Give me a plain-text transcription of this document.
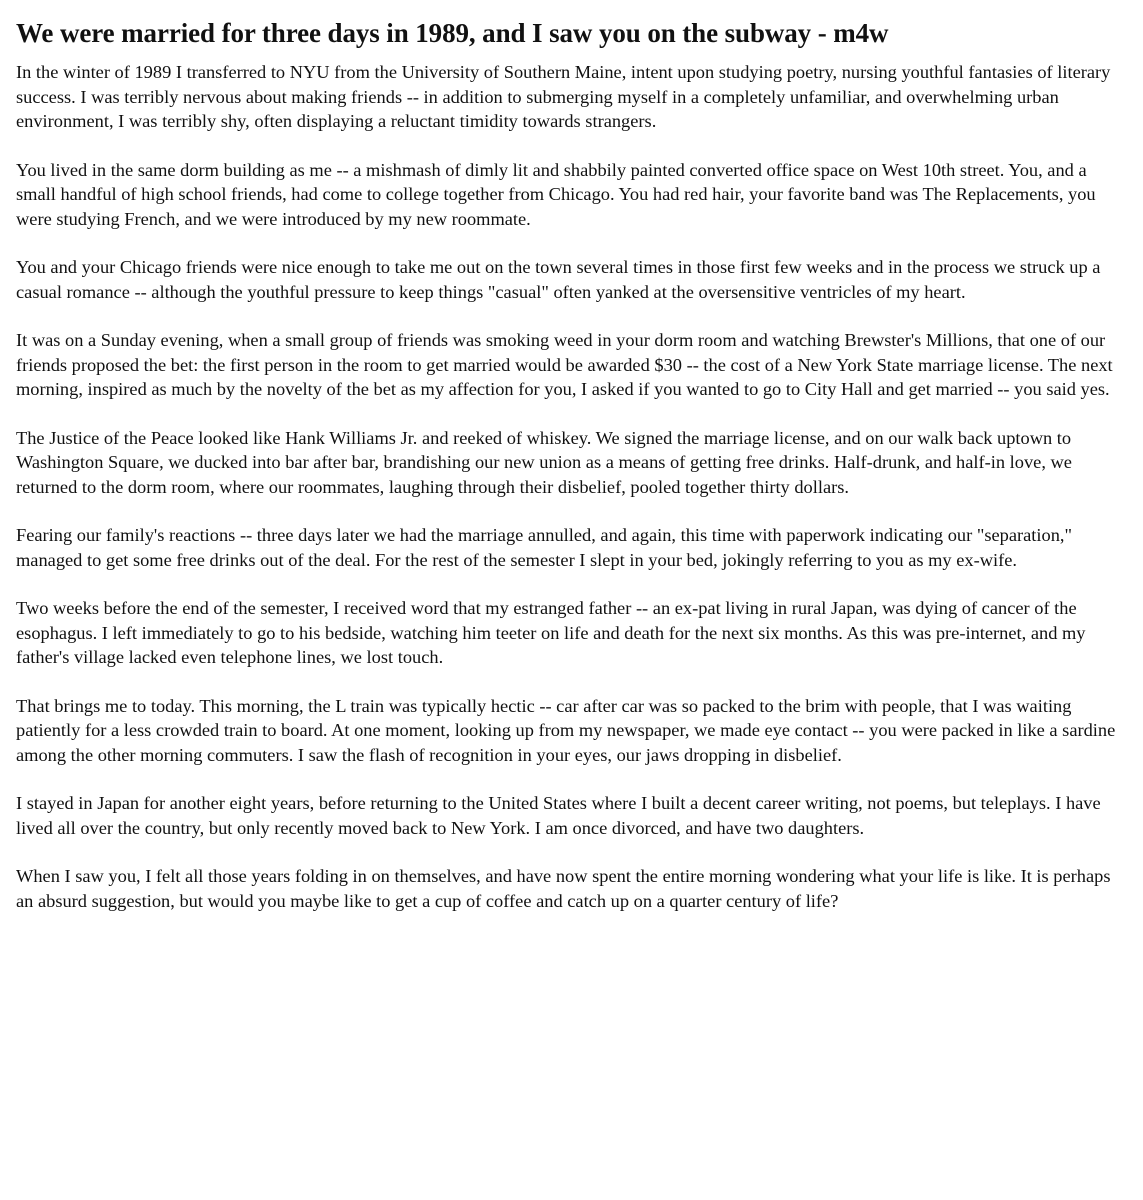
We were married for three days in 1989, and I saw you on the subway - m4w

In the winter of 1989 I transferred to NYU from the University of Southern Maine, intent upon studying poetry, nursing youthful fantasies of literary success. I was terribly nervous about making friends -- in addition to submerging myself in a completely unfamiliar, and overwhelming urban environment, I was terribly shy, often displaying a reluctant timidity towards strangers.

You lived in the same dorm building as me -- a mishmash of dimly lit and shabbily painted converted office space on West 10th street. You, and a small handful of high school friends, had come to college together from Chicago. You had red hair, your favorite band was The Replacements, you were studying French, and we were introduced by my new roommate.

You and your Chicago friends were nice enough to take me out on the town several times in those first few weeks and in the process we struck up a casual romance -- although the youthful pressure to keep things "casual" often yanked at the oversensitive ventricles of my heart.

It was on a Sunday evening, when a small group of friends was smoking weed in your dorm room and watching Brewster's Millions, that one of our friends proposed the bet: the first person in the room to get married would be awarded $30 -- the cost of a New York State marriage license. The next morning, inspired as much by the novelty of the bet as my affection for you, I asked if you wanted to go to City Hall and get married -- you said yes.

The Justice of the Peace looked like Hank Williams Jr. and reeked of whiskey. We signed the marriage license, and on our walk back uptown to Washington Square, we ducked into bar after bar, brandishing our new union as a means of getting free drinks. Half-drunk, and half-in love, we returned to the dorm room, where our roommates, laughing through their disbelief, pooled together thirty dollars.

Fearing our family's reactions -- three days later we had the marriage annulled, and again, this time with paperwork indicating our "separation," managed to get some free drinks out of the deal. For the rest of the semester I slept in your bed, jokingly referring to you as my ex-wife.

Two weeks before the end of the semester, I received word that my estranged father -- an ex-pat living in rural Japan, was dying of cancer of the esophagus. I left immediately to go to his bedside, watching him teeter on life and death for the next six months. As this was pre-internet, and my father's village lacked even telephone lines, we lost touch.

That brings me to today. This morning, the L train was typically hectic -- car after car was so packed to the brim with people, that I was waiting patiently for a less crowded train to board. At one moment, looking up from my newspaper, we made eye contact -- you were packed in like a sardine among the other morning commuters. I saw the flash of recognition in your eyes, our jaws dropping in disbelief.

I stayed in Japan for another eight years, before returning to the United States where I built a decent career writing, not poems, but teleplays. I have lived all over the country, but only recently moved back to New York. I am once divorced, and have two daughters.

When I saw you, I felt all those years folding in on themselves, and have now spent the entire morning wondering what your life is like. It is perhaps an absurd suggestion, but would you maybe like to get a cup of coffee and catch up on a quarter century of life?
